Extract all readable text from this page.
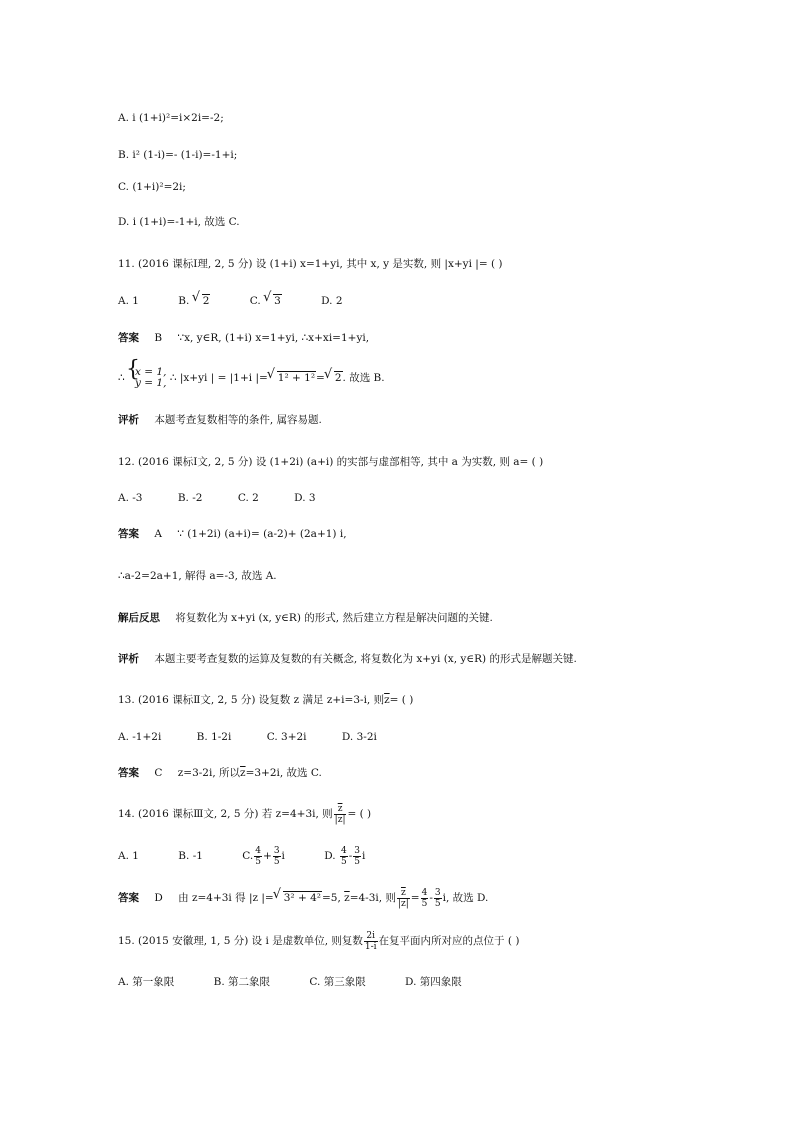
A. i (1+i)²=i×2i=-2;
B. i² (1-i)=- (1-i)=-1+i;
C. (1+i)²=2i;
D. i (1+i)=-1+i, 故选 C.
11. (2016 课标Ⅰ理, 2, 5 分) 设 (1+i) x=1+yi, 其中 x, y 是实数, 则 |x+yi |= ( )
A. 1	B. √ 2	C. √ 3	D. 2
答案 B ∵x, y∈R, (1+i) x=1+yi, ∴x+xi=1+yi,
∴ { x = 1,
y = 1, ∴ |x+yi | = |1+i |= √ 1² + 1²= √ 2. 故选 B.
评析 本题考查复数相等的条件, 属容易题.
12. (2016 课标Ⅰ文, 2, 5 分) 设 (1+2i) (a+i) 的实部与虚部相等, 其中 a 为实数, 则 a= ( )
A. -3	B. -2	C. 2	D. 3
答案 A ∵ (1+2i) (a+i)= (a-2)+ (2a+1) i,
∴a-2=2a+1, 解得 a=-3, 故选 A.
解后反思 将复数化为 x+yi (x, y∈R) 的形式, 然后建立方程是解决问题的关键.
评析 本题主要考查复数的运算及复数的有关概念, 将复数化为 x+yi (x, y∈R) 的形式是解题关键.
13. (2016 课标Ⅱ文, 2, 5 分) 设复数 z 满足 z+i=3-i, 则$\overline{z}=$ ( )
A. -1+2i	B. 1-2i	C. 3+2i	D. 3-2i
答案 C z=3-2i, 所以$\overline{z}=3+2i$, 故选 C.
14. (2016 课标Ⅲ文, 2, 5 分) 若 z=4+3i, 则 $\frac{\overline{z}}{|z|}$ = ( )
A. 1	B. -1	C. $\frac{4}{5} + \frac{3}{5}$ i	D. $\frac{4}{5} - \frac{3}{5}$ i
答案 D 由 z=4+3i 得 |z |= √ 3² + 4²=5, $\overline{z}=4-3i$, 则 $\frac{\overline{z}}{|z|} = \frac{4}{5} - \frac{3}{5} i$, 故选 D.
15. (2015 安徽理, 1, 5 分) 设 i 是虚数单位, 则复数 $\frac{2i}{1-i}$ 在复平面内所对应的点位于 ( )
A. 第一象限	B. 第二象限	C. 第三象限	D. 第四象限
